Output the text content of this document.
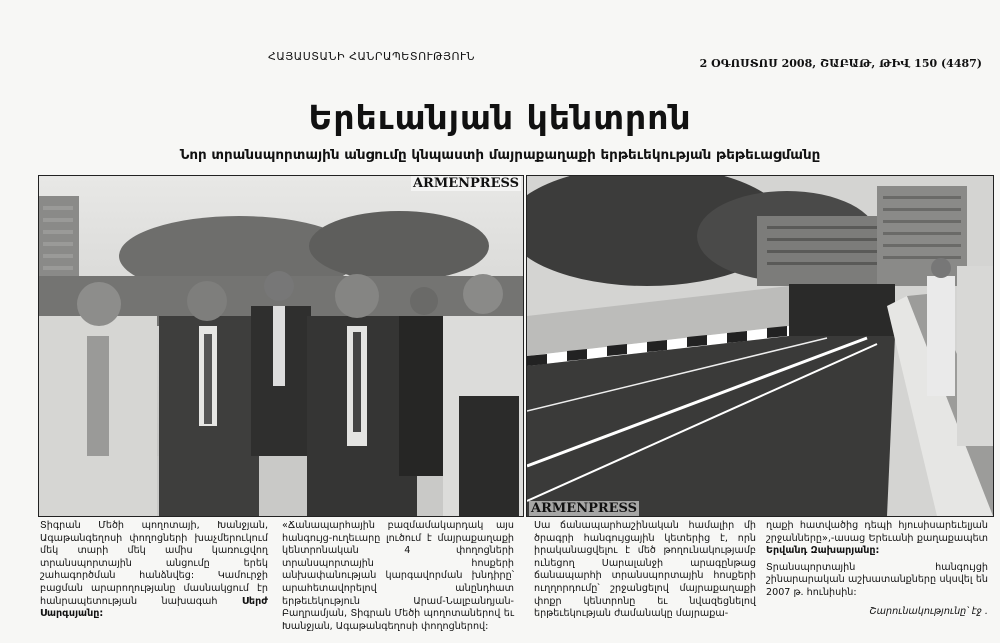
ՀԱՅԱՍՏԱՆԻ ՀԱՆՐԱՊԵՏՈՒԹՅՈՒՆ
2 ՕԳՈՍՏՈՍ 2008, ՇԱԲԱԹ, ԹԻՎ 150 (4487)
Երեւանյան կենտրոն
Նոր տրանսպորտային անցումը կնպաստի մայրաքաղաքի երթեւեկության թեթեւացմանը
ARMENPRESS
ARMENPRESS
Տիգրան Մեծի պողոտայի, Խանջյան, Ագաթանգեղոսի փողոցների խաչմերուկում մեկ տարի մեկ ամիս կառուցվող տրանսպորտային անցումը երեկ շահագործման հանձնվեց: Կամուրջի բացման արարողությանը մասնակցում էր հանրապետության նախագահ	Սերժ Սարգսյանը:
«Ճանապարհային բազմամակարդակ այս հանգույց-ուղեւարը լուծում է մայրաքաղաքի կենտրոնական 4 փողոցների տրանսպորտային հոսքերի անխափանության կարգավորման խնդիրը՝ արահետավորելով անընդհատ երթեւեկություն Արամ-Նալբանդյան-Բաղրամյան, Տիգրան Մեծի պողոտաներով եւ Խանջյան, Ագաթանգեղոսի փողոցներով:
Սա ճանապարհաշինական համալիր մի ծրագրի հանգույցային կետերից է, որն իրականացվելու է մեծ թողունակությամբ ունեցող Սարալանջի արագընթաց ճանապարհի տրանսպորտային հոսքերի ուղղորդումը՝ շրջանցելով մայրաքաղաքի փոքր կենտրոնը եւ նվազեցնելով երթեւեկության ժամանակը մայրաքա-
ղաքի հատվածից դեպի հյուսիսարեւելյան շրջանները»,-ասաց Երեւանի քաղաքապետ Երվանդ Զախարյանը:
Տրանսպորտային հանգույցի շինարարական աշխատանքները սկսվել են 2007 թ. հունիսին:
Շարունակությունը՝ էջ .
